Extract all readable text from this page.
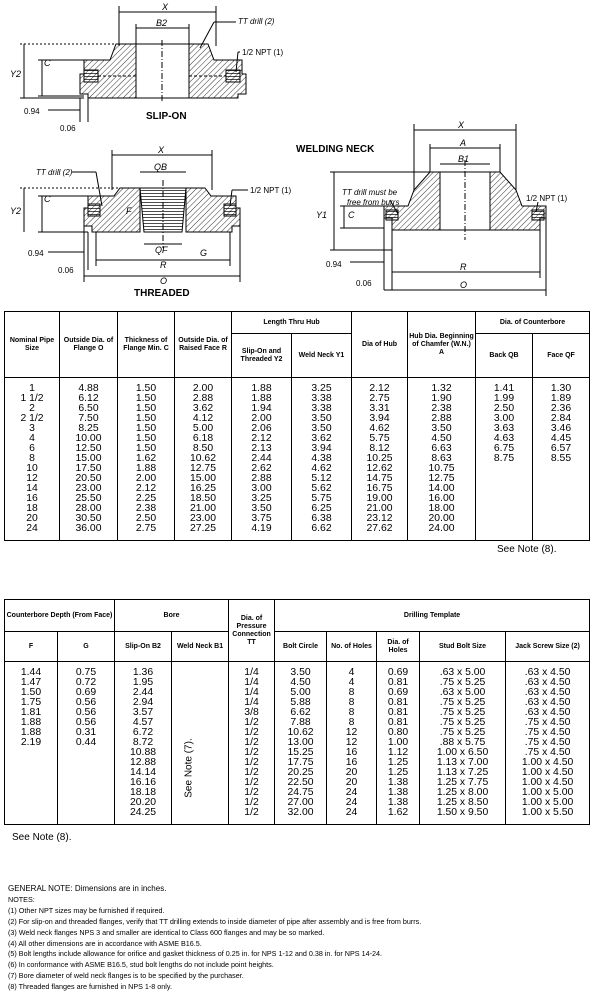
X
B2	TT drill (2)
1/2 NPT (1)
C
Y2
0.94
0.06
SLIP-ON
TT drill (2)
X
QB
1/2 NPT (1)
F
C
Y2
0.94	QF	G
R
0.06
O
THREADED
WELDING NECK
X
A
B1
TT drill must be
free from burrs	1/2 NPT (1)
Y1 C
0.94	R
0.06	O
Nominal Pipe Size	Outside Dia. of Flange O	Thickness of Flange Min. C	Outside Dia. of Raised Face R	Length Thru Hub		Dia of Hub	Hub Dia. Beginning of Chamfer (W.N.) A	Dia. of Counterbore	
				Slip-On and Threaded Y2	Weld Neck Y1			Back QB	Face QF

1	4.88	1.50	2.00	1.88	3.25	2.12	1.32	1.41	1.30
1 1/2	6.12	1.50	2.88	1.88	3.38	2.75	1.90	1.99	1.89
2	6.50	1.50	3.62	1.94	3.38	3.31	2.38	2.50	2.36
2 1/2	7.50	1.50	4.12	2.00	3.50	3.94	2.88	3.00	2.84
3	8.25	1.50	5.00	2.06	3.50	4.62	3.50	3.63	3.46
4	10.00	1.50	6.18	2.12	3.62	5.75	4.50	4.63	4.45
6	12.50	1.50	8.50	2.13	3.94	8.12	6.63	6.75	6.57
8	15.00	1.62	10.62	2.44	4.38	10.25	8.63	8.75	8.55
10	17.50	1.88	12.75	2.62	4.62	12.62	10.75		
12	20.50	2.00	15.00	2.88	5.12	14.75	12.75		
14	23.00	2.12	16.25	3.00	5.62	16.75	14.00		
16	25.50	2.25	18.50	3.25	5.75	19.00	16.00		
18	28.00	2.38	21.00	3.50	6.25	21.00	18.00		
20	30.50	2.50	23.00	3.75	6.38	23.12	20.00		
24	36.00	2.75	27.25	4.19	6.62	27.62	24.00		

See Note (8).
Counterbore Depth (From Face)		Bore		Dia. of Pressure Connection TT	Drilling Template				
F	G	Slip-On B2	Weld Neck B1		Bolt Circle	No. of Holes	Dia. of Holes	Stud Bolt Size	Jack Screw Size (2)

1.44	0.75	1.36		1/4	3.50	4	0.69	.63 x 5.00	.63 x 4.50
1.47	0.72	1.95		1/4	4.50	4	0.81	.75 x 5.25	.63 x 4.50
1.50	0.69	2.44		1/4	5.00	8	0.69	.63 x 5.00	.63 x 4.50
1.75	0.56	2.94		1/4	5.88	8	0.81	.75 x 5.25	.63 x 4.50
1.81	0.56	3.57		3/8	6.62	8	0.81	.75 x 5.25	.63 x 4.50
1.88	0.56	4.57		1/2	7.88	8	0.81	.75 x 5.25	.75 x 4.50
1.88	0.31	6.72		1/2	10.62	12	0.80	.75 x 5.25	.75 x 4.50
2.19	0.44	8.72		1/2	13.00	12	1.00	.88 x 5.75	.75 x 4.50
		10.88		1/2	15.25	16	1.12	1.00 x 6.50	.75 x 4.50
		12.88		1/2	17.75	16	1.25	1.13 x 7.00	1.00 x 4.50
		14.14		1/2	20.25	20	1.25	1.13 x 7.25	1.00 x 4.50
		16.16		1/2	22.50	20	1.38	1.25 x 7.75	1.00 x 4.50
		18.18		1/2	24.75	24	1.38	1.25 x 8.00	1.00 x 5.00
		20.20		1/2	27.00	24	1.38	1.25 x 8.50	1.00 x 5.00
		24.25		1/2	32.00	24	1.62	1.50 x 9.50	1.00 x 5.50

See Note (8).
See Note (7).
GENERAL NOTE: Dimensions are in inches.
NOTES:
(1) Other NPT sizes may be furnished if required.
(2) For slip-on and threaded flanges, verify that TT drilling extends to inside diameter of pipe after assembly and is free from burrs.
(3) Weld neck flanges NPS 3 and smaller are identical to Class 600 flanges and may be so marked.
(4) All other dimensions are in accordance with ASME B16.5.
(5) Bolt lengths include allowance for orifice and gasket thickness of 0.25 in. for NPS 1-12 and 0.38 in. for NPS 14-24.
(6) In conformance with ASME B16.5, stud bolt lengths do not include point heights.
(7) Bore diameter of weld neck flanges is to be specified by the purchaser.
(8) Threaded flanges are furnished in NPS 1-8 only.
